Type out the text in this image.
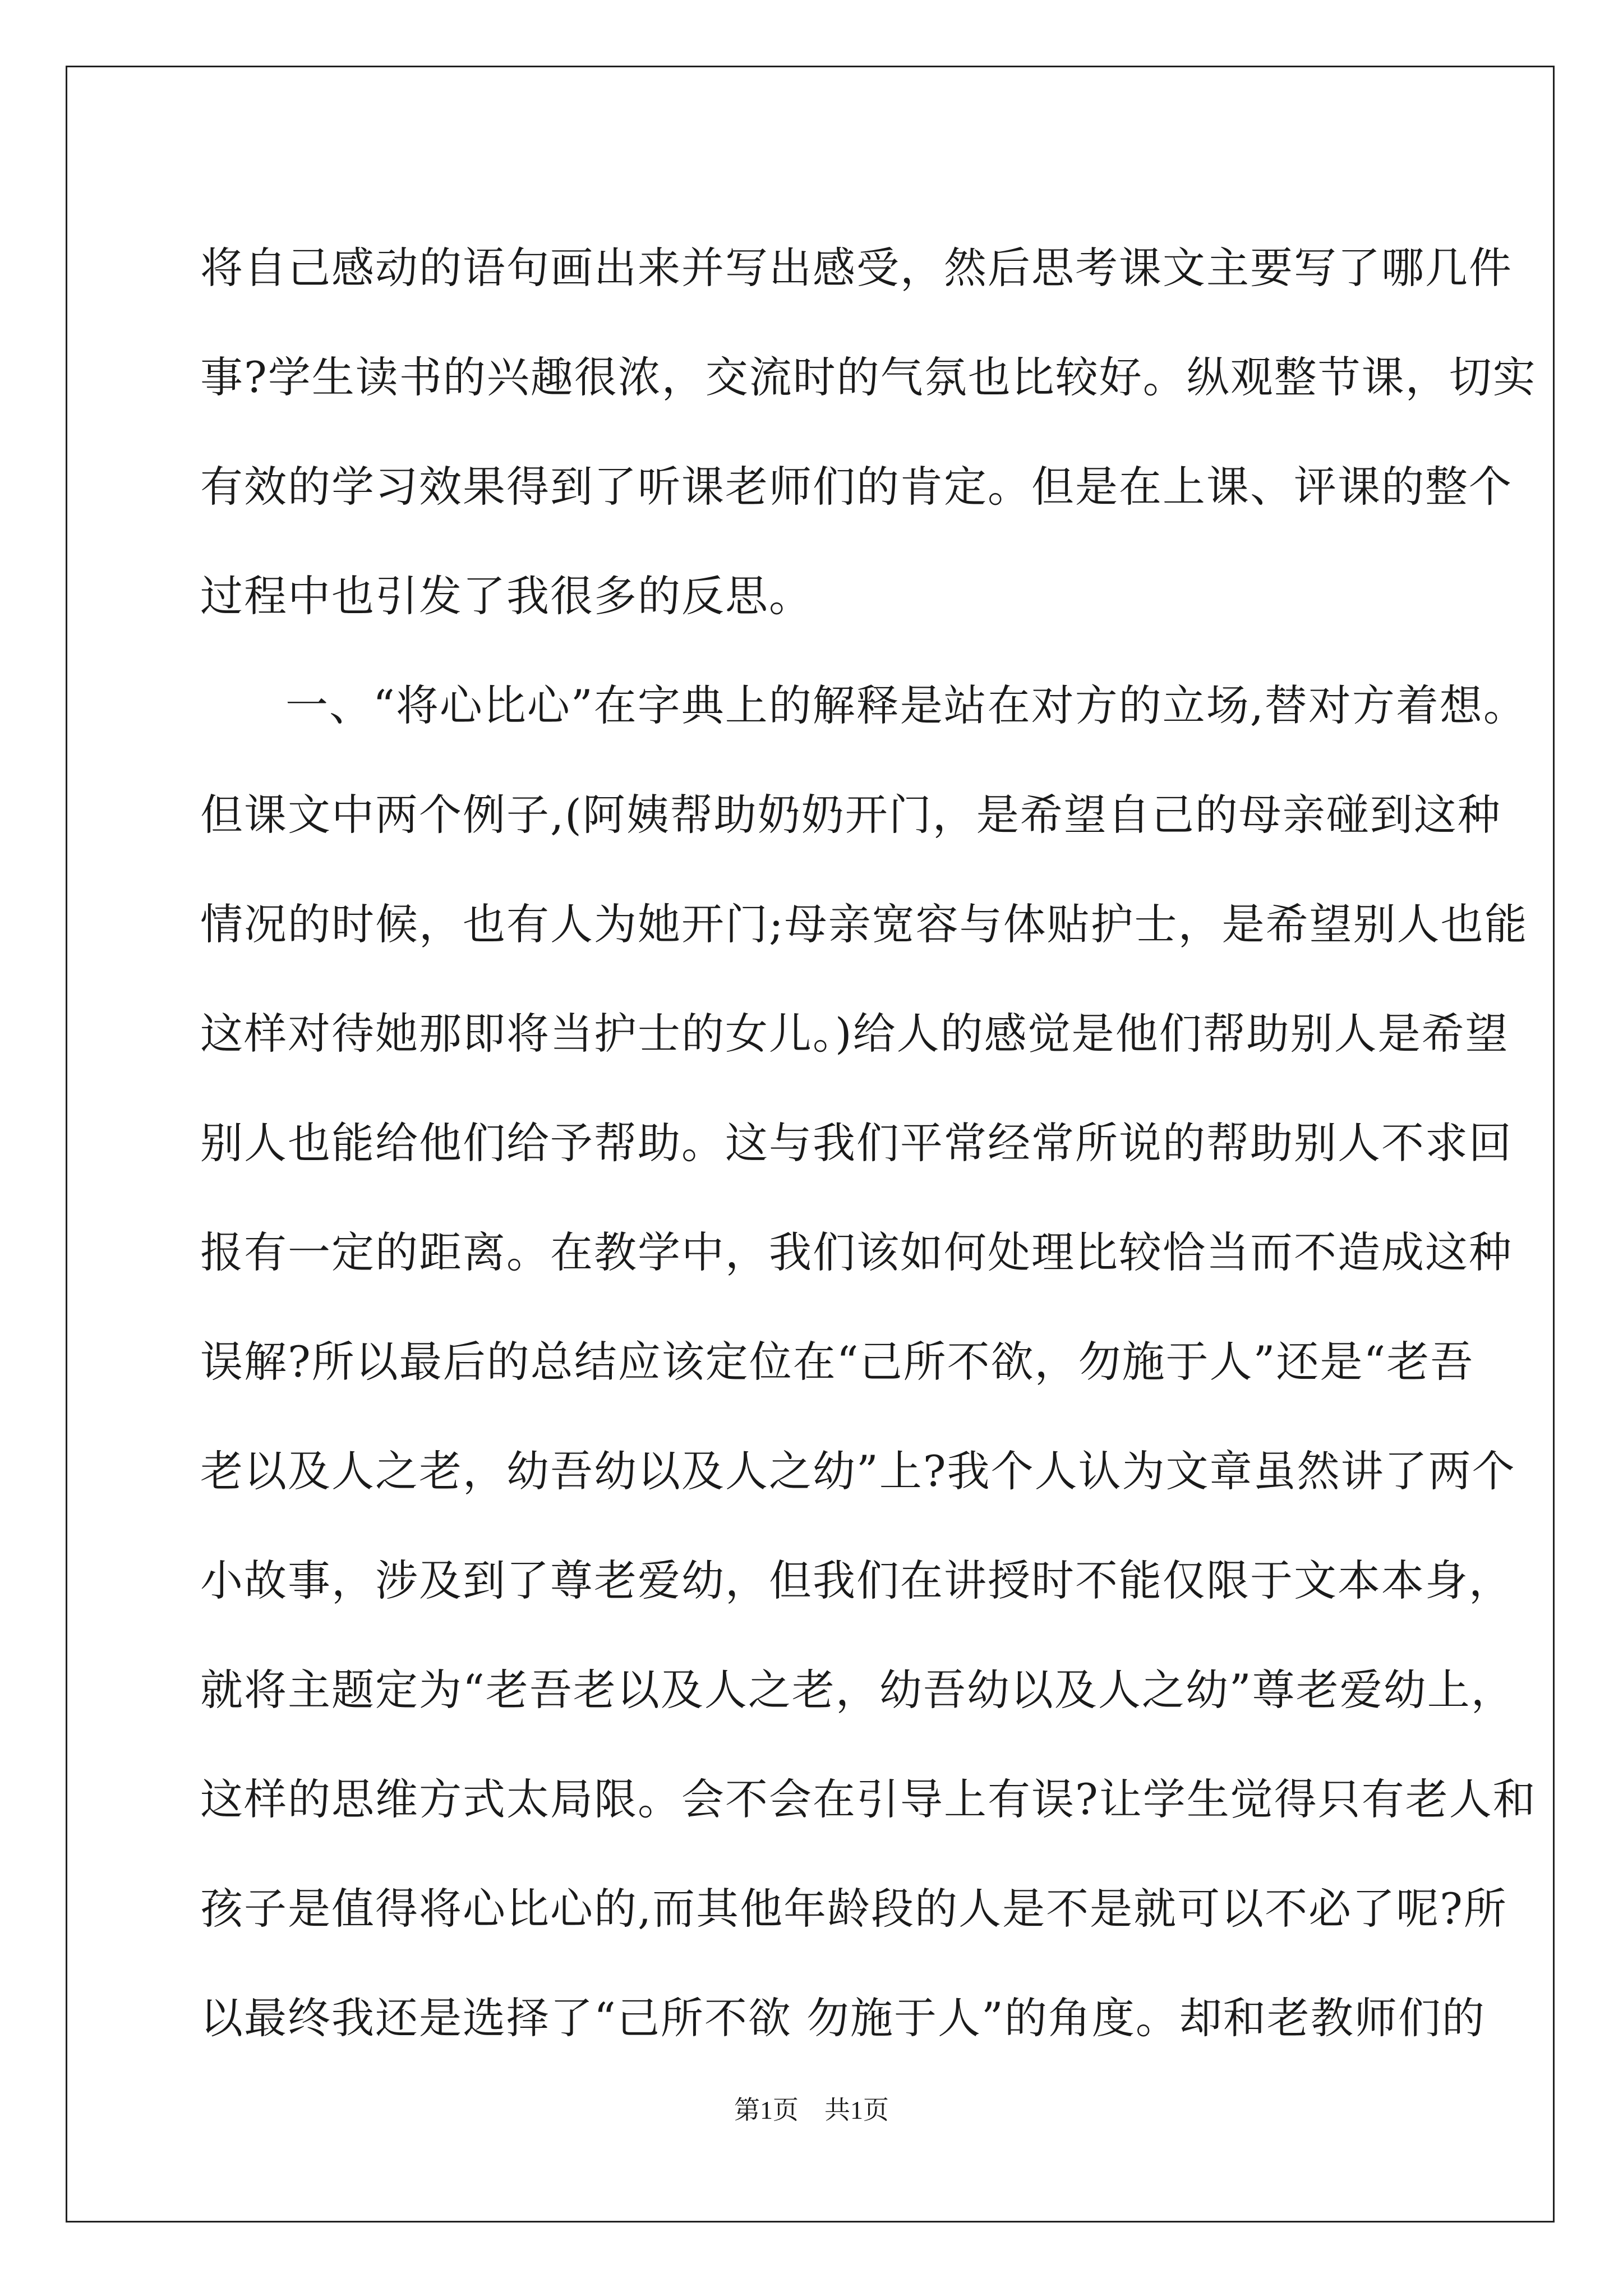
将自己感动的语句画出来并写出感受，然后思考课文主要写了哪几件
事?学生读书的兴趣很浓，交流时的气氛也比较好。纵观整节课，切实
有效的学习效果得到了听课老师们的肯定。但是在上课、评课的整个
过程中也引发了我很多的反思。
一、“将心比心”在字典上的解释是站在对方的立场,替对方着想。
但课文中两个例子,(阿姨帮助奶奶开门，是希望自己的母亲碰到这种
情况的时候，也有人为她开门;母亲宽容与体贴护士，是希望别人也能
这样对待她那即将当护士的女儿。)给人的感觉是他们帮助别人是希望
别人也能给他们给予帮助。这与我们平常经常所说的帮助别人不求回
报有一定的距离。在教学中，我们该如何处理比较恰当而不造成这种
误解?所以最后的总结应该定位在“己所不欲，勿施于人”还是“老吾
老以及人之老，幼吾幼以及人之幼”上?我个人认为文章虽然讲了两个
小故事，涉及到了尊老爱幼，但我们在讲授时不能仅限于文本本身，
就将主题定为“老吾老以及人之老，幼吾幼以及人之幼”尊老爱幼上，
这样的思维方式太局限。会不会在引导上有误?让学生觉得只有老人和
孩子是值得将心比心的,而其他年龄段的人是不是就可以不必了呢?所
以最终我还是选择了“己所不欲 勿施于人”的角度。却和老教师们的
第1页　共1页
